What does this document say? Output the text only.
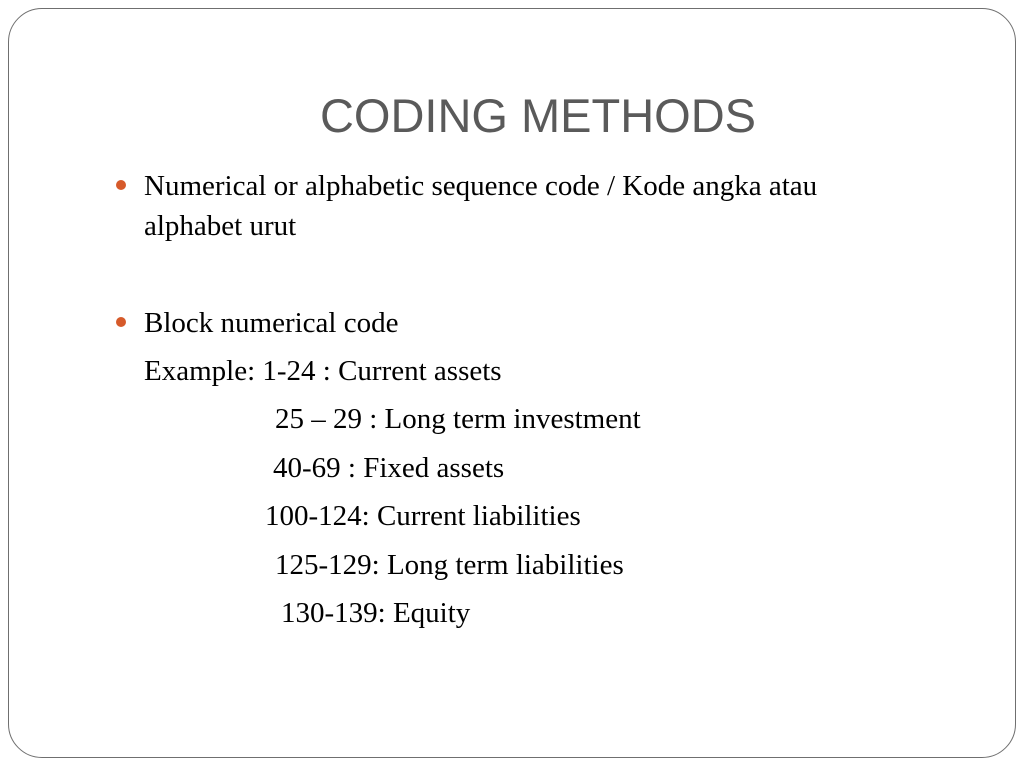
CODING METHODS
Numerical or alphabetic sequence code / Kode angka atau
alphabet urut
Block numerical code
Example: 1-24 : Current assets
25 – 29 : Long term investment
40-69 : Fixed assets
100-124: Current liabilities
125-129: Long term liabilities
130-139: Equity
